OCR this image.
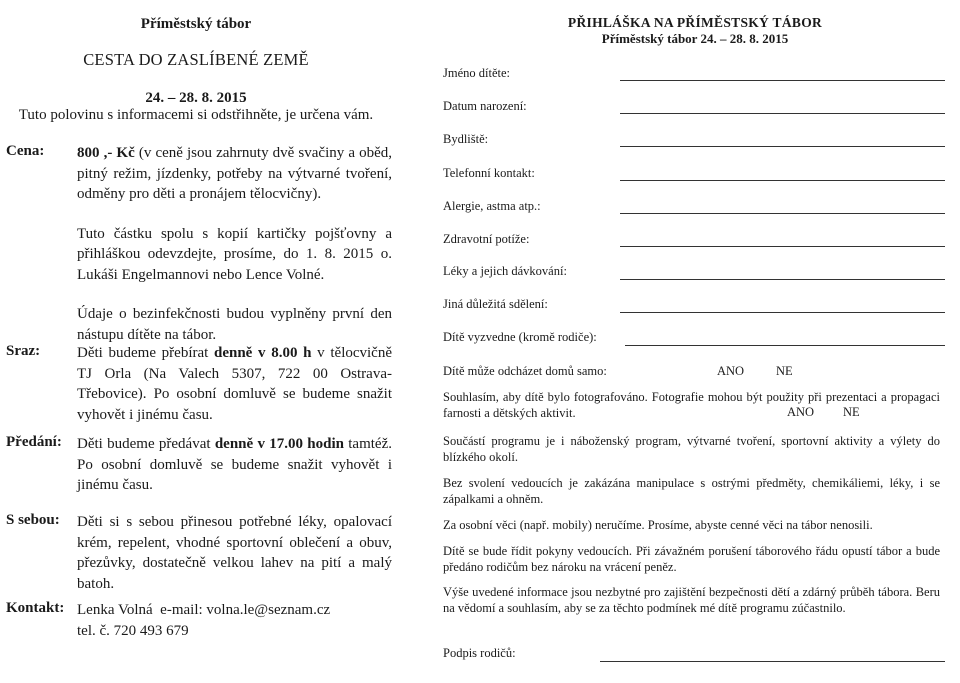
Příměstský tábor
CESTA DO ZASLÍBENÉ ZEMĚ
24. – 28. 8. 2015
Tuto polovinu s informacemi si odstřihněte, je určena vám.
Cena: 800 ,- Kč (v ceně jsou zahrnuty dvě svačiny a oběd, pitný režim, jízdenky, potřeby na výtvarné tvoření, odměny pro děti a pronájem tělocvičny).

Tuto částku spolu s kopií kartičky pojšťovny a přihláškou odevzdejte, prosíme, do 1. 8. 2015 o. Lukáši Engelmannovi nebo Lence Volné.

Údaje o bezinfekčnosti budou vyplněny první den nástupu dítěte na tábor.

Sraz: Děti budeme přebírat denně v 8.00 h v tělocvičně TJ Orla (Na Valech 5307, 722 00 Ostrava-Třebovice). Po osobní domluvě se budeme snažit vyhovět i jinému času.

Předání: Děti budeme předávat denně v 17.00 hodin tamtéž. Po osobní domluvě se budeme snažit vyhovět i jinému času.

S sebou: Děti si s sebou přinesou potřebné léky, opalovací krém, repelent, vhodné sportovní oblečení a obuv, přezůvky, dostatečně velkou lahev na pití a malý batoh.

Kontakt: Lenka Volná  e-mail: volna.le@seznam.cz

tel. č. 720 493 679

PŘIHLÁŠKA NA PŘÍMĚSTSKÝ TÁBOR
Příměstský tábor 24. – 28. 8. 2015
Jméno dítěte:
Datum narození:
Bydliště:
Telefonní kontakt:
Alergie, astma atp.:
Zdravotní potíže:
Léky a jejich dávkování:
Jiná důležitá sdělení:
Dítě vyzvedne (kromě rodiče):
Dítě může odcházet domů samo:	ANO	NE
Souhlasím, aby dítě bylo fotografováno. Fotografie mohou být použity při prezentaci a propagaci farnosti a dětských aktivit.	ANO NE
Součástí programu je i náboženský program, výtvarné tvoření, sportovní aktivity a výlety do blízkého okolí.
Bez svolení vedoucích je zakázána manipulace s ostrými předměty, chemikáliemi, léky, i se zápalkami a ohněm.
Za osobní věci (např. mobily) neručíme. Prosíme, abyste cenné věci na tábor nenosili.
Dítě se bude řídit pokyny vedoucích. Při závažném porušení táborového řádu opustí tábor a bude předáno rodičům bez nároku na vrácení peněz.
Výše uvedené informace jsou nezbytné pro zajištění bezpečnosti dětí a zdárný průběh tábora. Beru na vědomí a souhlasím, aby se za těchto podmínek mé dítě programu zúčastnilo.
Podpis rodičů:
